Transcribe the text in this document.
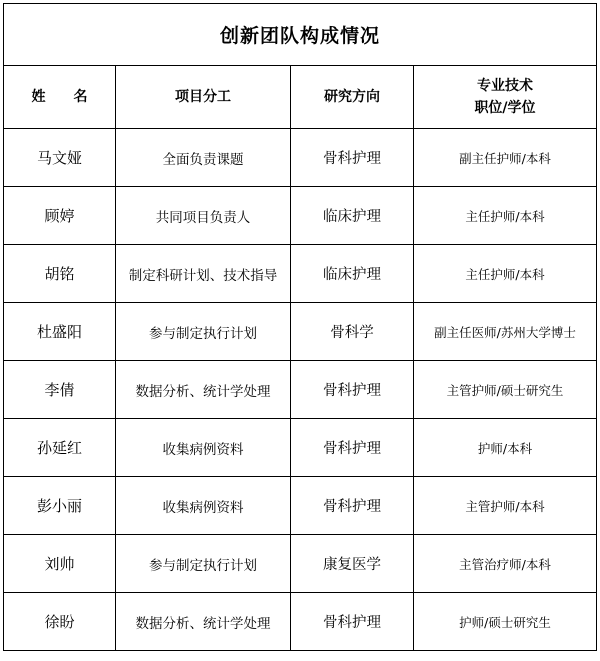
创新团队构成情况			
姓 名	项目分工	研究方向	专业技术
职位/学位

马文娅	全面负责课题	骨科护理	副主任护师/本科
顾婷	共同项目负责人	临床护理	主任护师/本科
胡铭	制定科研计划、技术指导	临床护理	主任护师/本科
杜盛阳	参与制定执行计划	骨科学	副主任医师/苏州大学博士
李倩	数据分析、统计学处理	骨科护理	主管护师/硕士研究生
孙延红	收集病例资料	骨科护理	护师/本科
彭小丽	收集病例资料	骨科护理	主管护师/本科
刘帅	参与制定执行计划	康复医学	主管治疗师/本科
徐盼	数据分析、统计学处理	骨科护理	护师/硕士研究生
